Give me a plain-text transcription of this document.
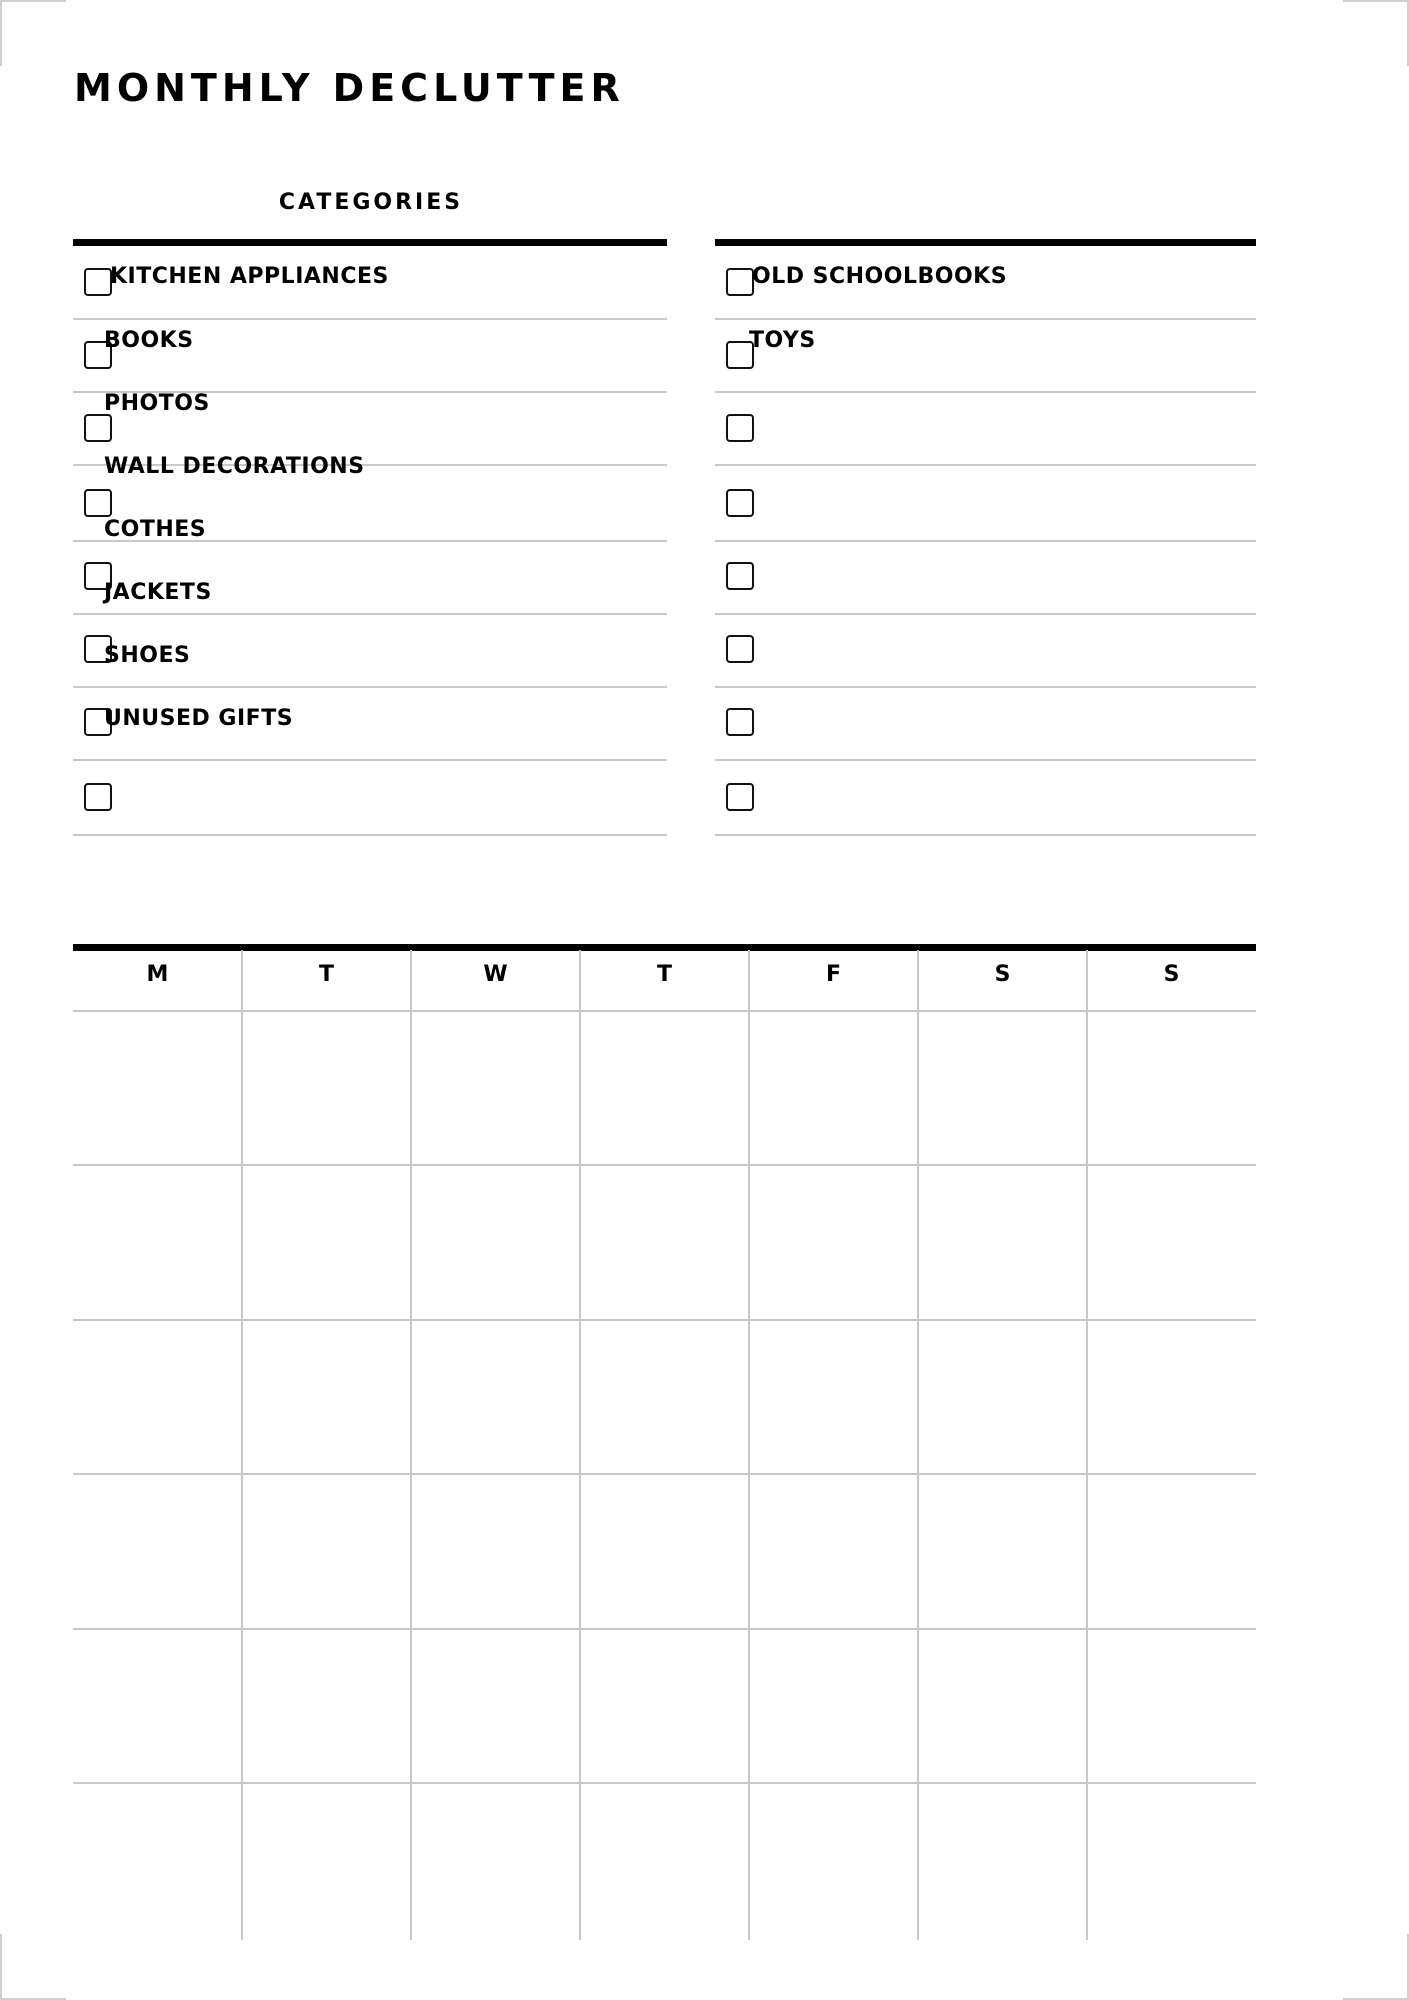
MONTHLY DECLUTTER
CATEGORIES
KITCHEN APPLIANCES
BOOKS
PHOTOS
WALL DECORATIONS
COTHES
JACKETS
SHOES
UNUSED GIFTS
OLD SCHOOLBOOKS
TOYS
M	T	W	T	F	S	S
